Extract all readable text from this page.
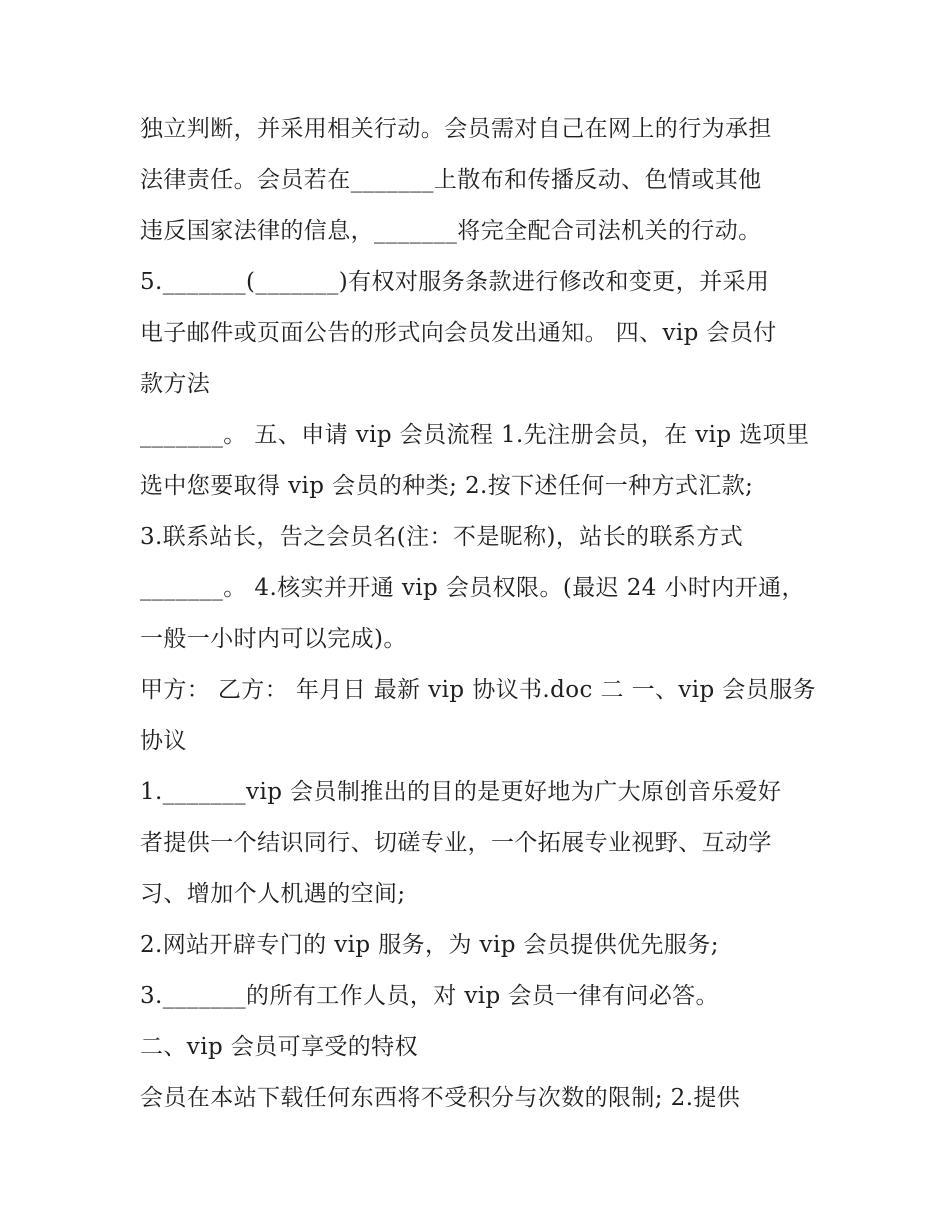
独立判断，并采用相关行动。会员需对自己在网上的行为承担
法律责任。会员若在_______上散布和传播反动、色情或其他
违反国家法律的信息，_______将完全配合司法机关的行动。
5._______(_______)有权对服务条款进行修改和变更，并采用
电子邮件或页面公告的形式向会员发出通知。 四、vip 会员付
款方法
_______。 五、申请 vip 会员流程 1.先注册会员，在 vip 选项里
选中您要取得 vip 会员的种类; 2.按下述任何一种方式汇款;
3.联系站长，告之会员名(注：不是昵称)，站长的联系方式
_______。 4.核实并开通 vip 会员权限。(最迟 24 小时内开通，
一般一小时内可以完成)。
甲方： 乙方： 年月日 最新 vip 协议书.doc 二 一、vip 会员服务
协议
1._______vip 会员制推出的目的是更好地为广大原创音乐爱好
者提供一个结识同行、切磋专业，一个拓展专业视野、互动学
习、增加个人机遇的空间;
2.网站开辟专门的 vip 服务，为 vip 会员提供优先服务;
3._______的所有工作人员，对 vip 会员一律有问必答。
二、vip 会员可享受的特权
会员在本站下载任何东西将不受积分与次数的限制; 2.提供
